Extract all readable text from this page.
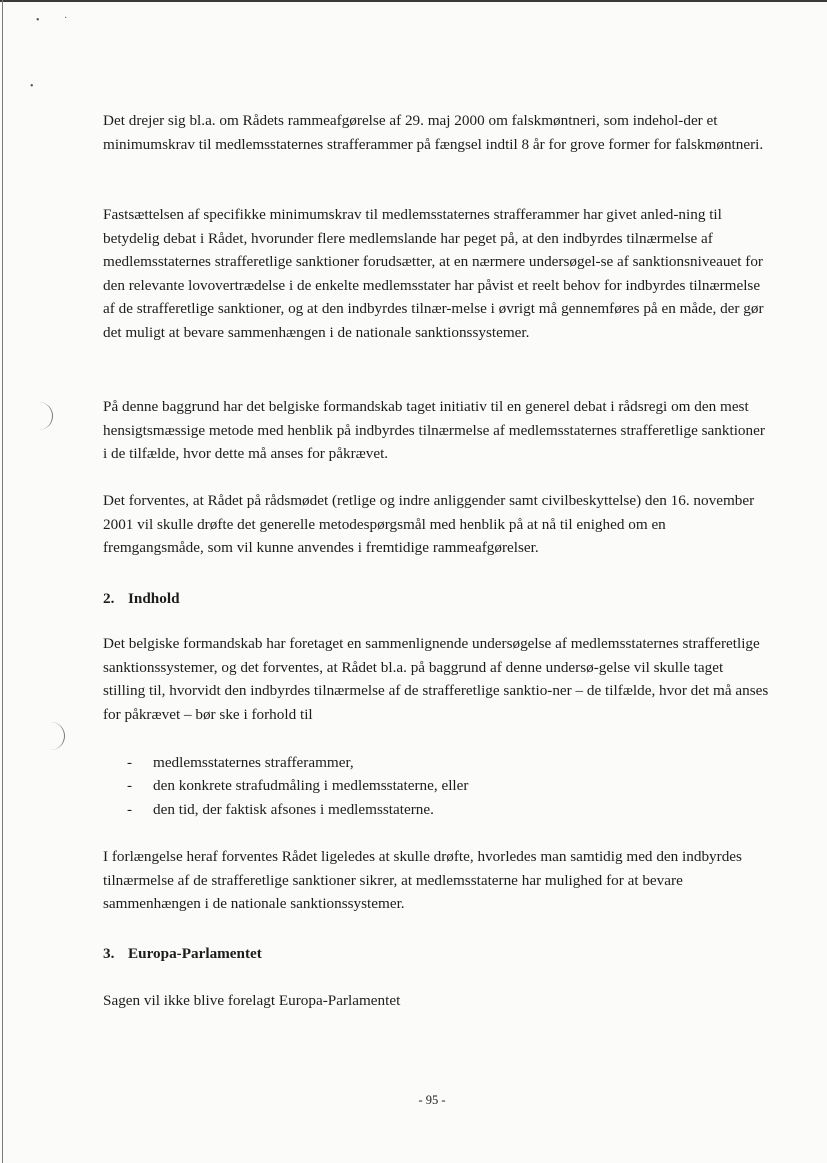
• ·
•

Det drejer sig bl.a. om Rådets rammeafgørelse af 29. maj 2000 om falskmøntneri, som indehol-der et minimumskrav til medlemsstaternes strafferammer på fængsel indtil 8 år for grove former for falskmøntneri.

Fastsættelsen af specifikke minimumskrav til medlemsstaternes strafferammer har givet anled-ning til betydelig debat i Rådet, hvorunder flere medlemslande har peget på, at den indbyrdes tilnærmelse af medlemsstaternes strafferetlige sanktioner forudsætter, at en nærmere undersøgel-se af sanktionsniveauet for den relevante lovovertrædelse i de enkelte medlemsstater har påvist et reelt behov for indbyrdes tilnærmelse af de strafferetlige sanktioner, og at den indbyrdes tilnær-melse i øvrigt må gennemføres på en måde, der gør det muligt at bevare sammenhængen i de nationale sanktionssystemer.

På denne baggrund har det belgiske formandskab taget initiativ til en generel debat i rådsregi om den mest hensigtsmæssige metode med henblik på indbyrdes tilnærmelse af medlemsstaternes strafferetlige sanktioner i de tilfælde, hvor dette må anses for påkrævet.

Det forventes, at Rådet på rådsmødet (retlige og indre anliggender samt civilbeskyttelse) den 16. november 2001 vil skulle drøfte det generelle metodespørgsmål med henblik på at nå til enighed om en fremgangsmåde, som vil kunne anvendes i fremtidige rammeafgørelser.

2. Indhold

Det belgiske formandskab har foretaget en sammenlignende undersøgelse af medlemsstaternes strafferetlige sanktionssystemer, og det forventes, at Rådet bl.a. på baggrund af denne undersø-gelse vil skulle taget stilling til, hvorvidt den indbyrdes tilnærmelse af de strafferetlige sanktio-ner – de tilfælde, hvor det må anses for påkrævet – bør ske i forhold til

- medlemsstaternes strafferammer,
- den konkrete strafudmåling i medlemsstaterne, eller
- den tid, der faktisk afsones i medlemsstaterne.

I forlængelse heraf forventes Rådet ligeledes at skulle drøfte, hvorledes man samtidig med den indbyrdes tilnærmelse af de strafferetlige sanktioner sikrer, at medlemsstaterne har mulighed for at bevare sammenhængen i de nationale sanktionssystemer.

3. Europa-Parlamentet

Sagen vil ikke blive forelagt Europa-Parlamentet

- 95 -
